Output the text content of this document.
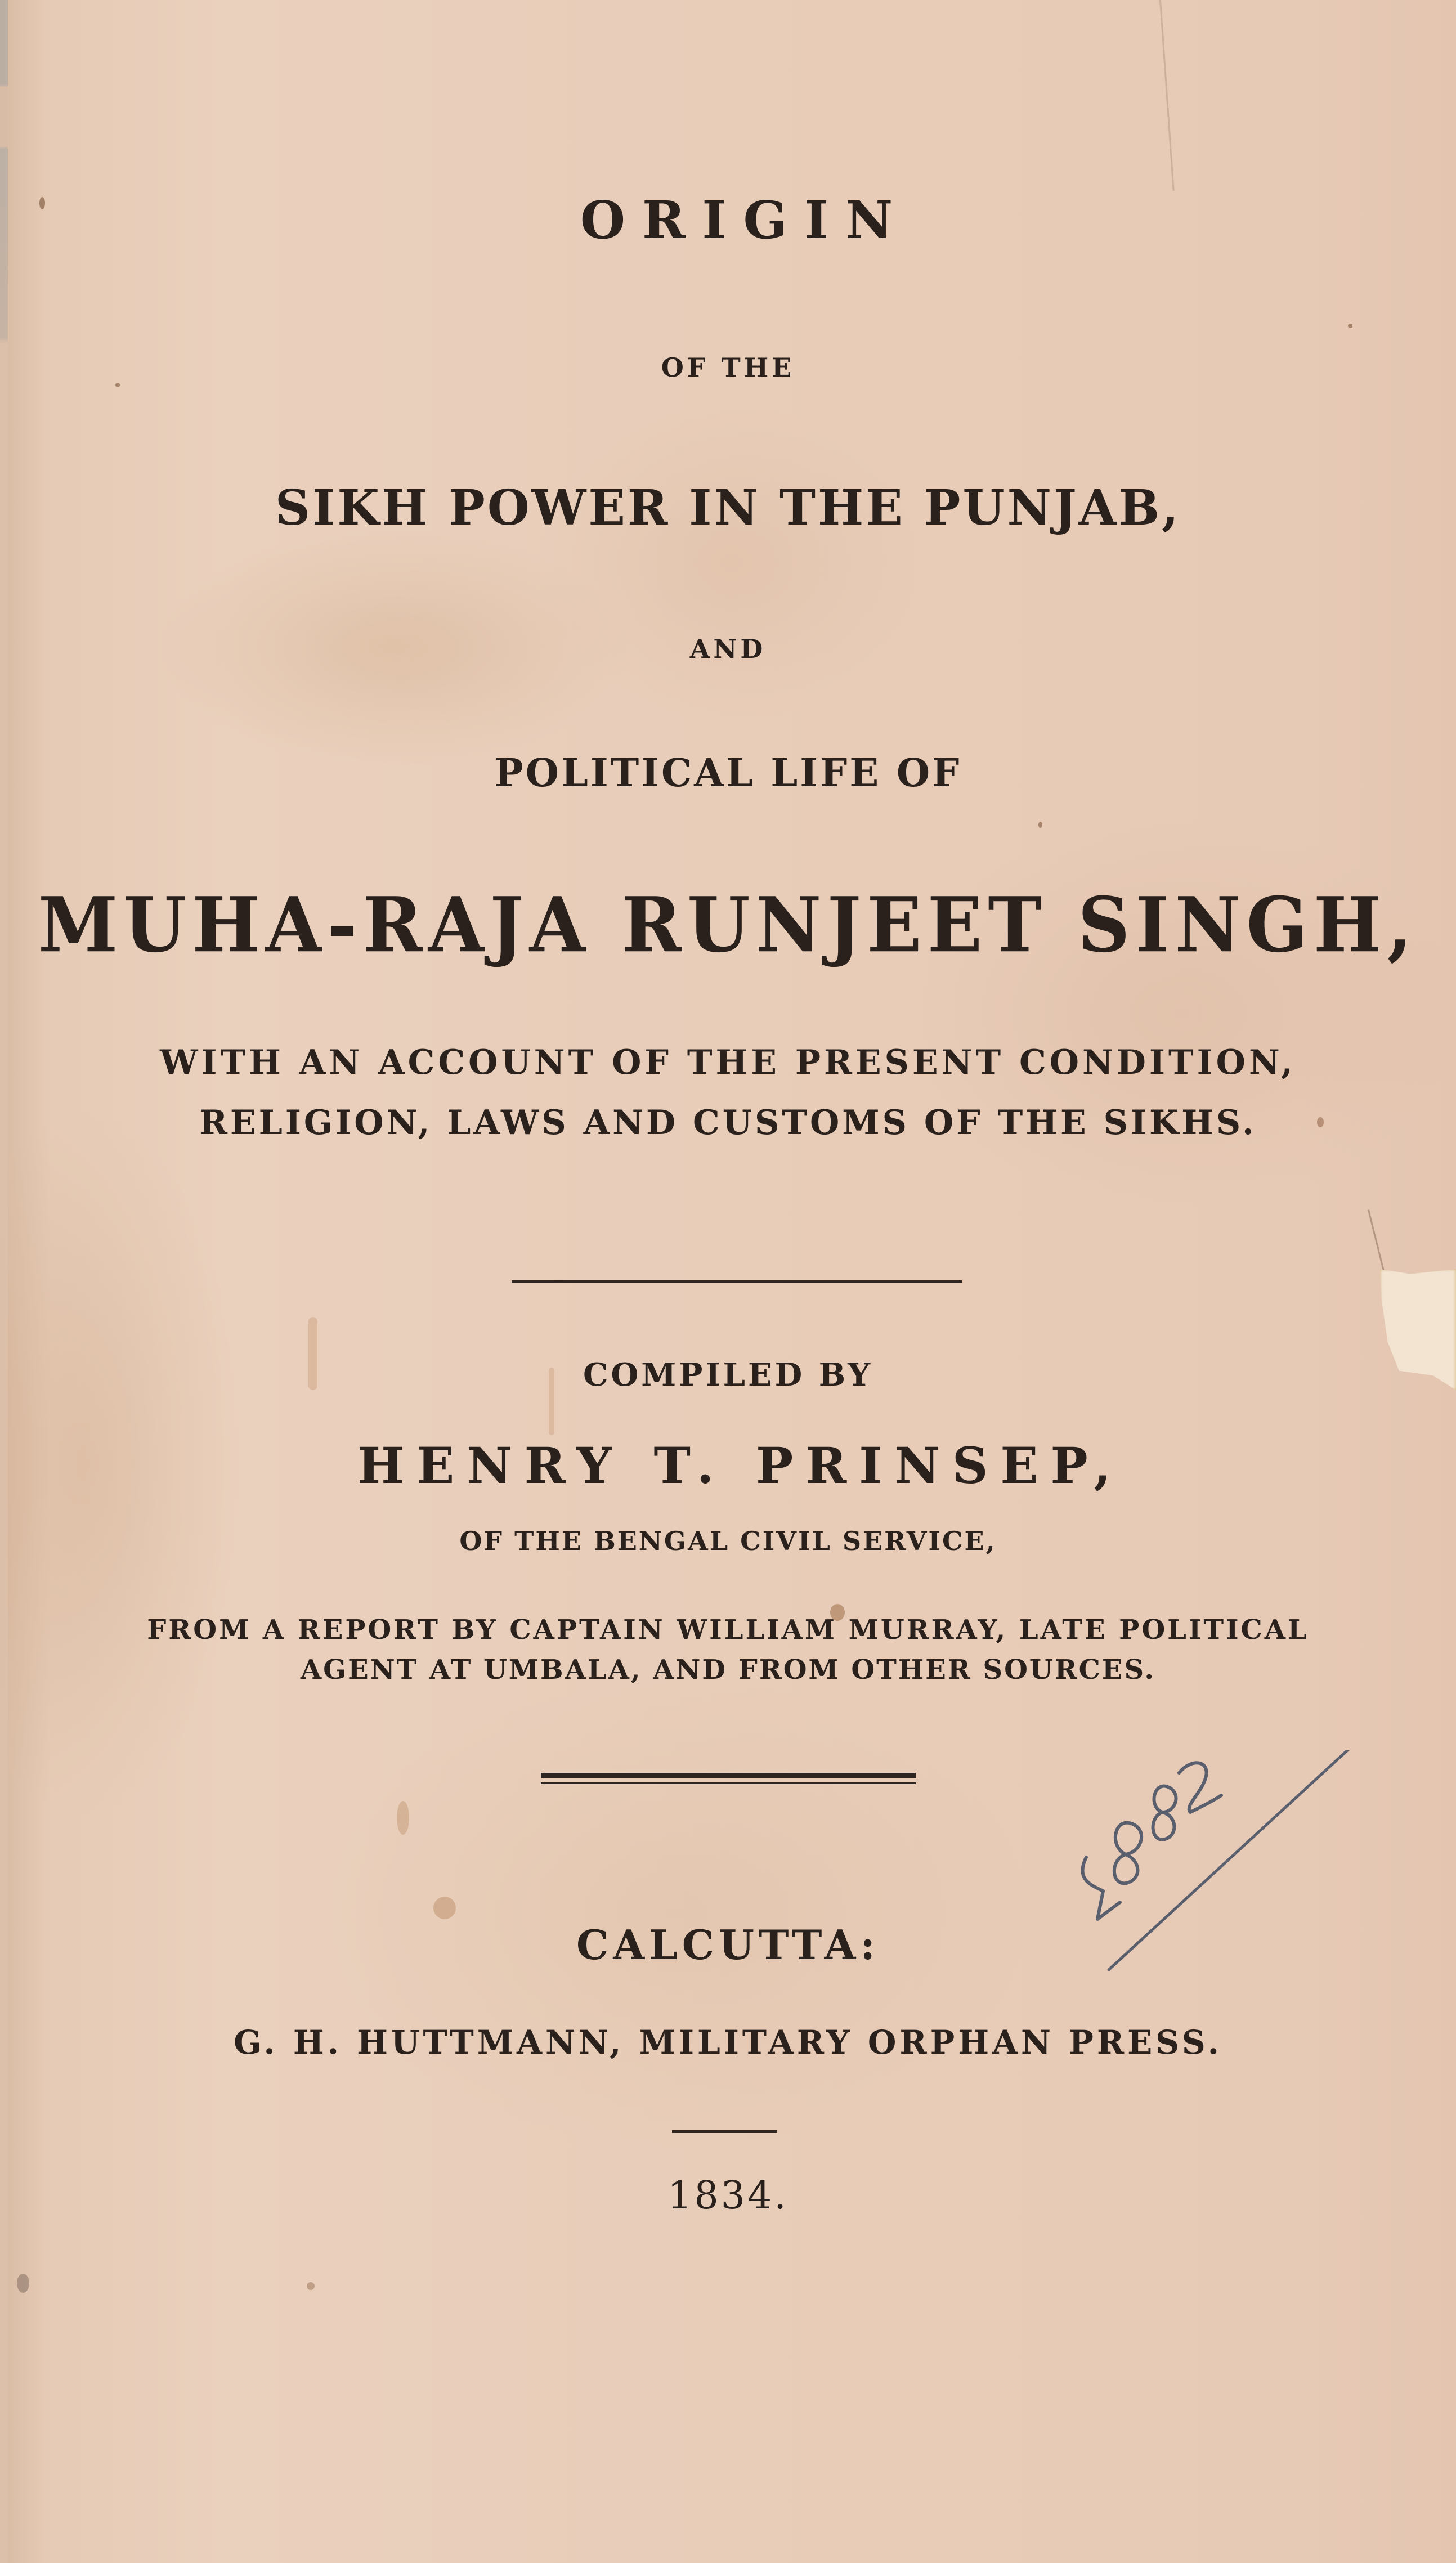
ORIGIN
OF THE
SIKH POWER IN THE PUNJAB,
AND
POLITICAL LIFE OF
MUHA-RAJA RUNJEET SINGH,
WITH AN ACCOUNT OF THE PRESENT CONDITION,
RELIGION, LAWS AND CUSTOMS OF THE SIKHS.
COMPILED BY
HENRY T. PRINSEP,
OF THE BENGAL CIVIL SERVICE,
FROM A REPORT BY CAPTAIN WILLIAM MURRAY, LATE POLITICAL
AGENT AT UMBALA, AND FROM OTHER SOURCES.
CALCUTTA:
G. H. HUTTMANN, MILITARY ORPHAN PRESS.
1834.
